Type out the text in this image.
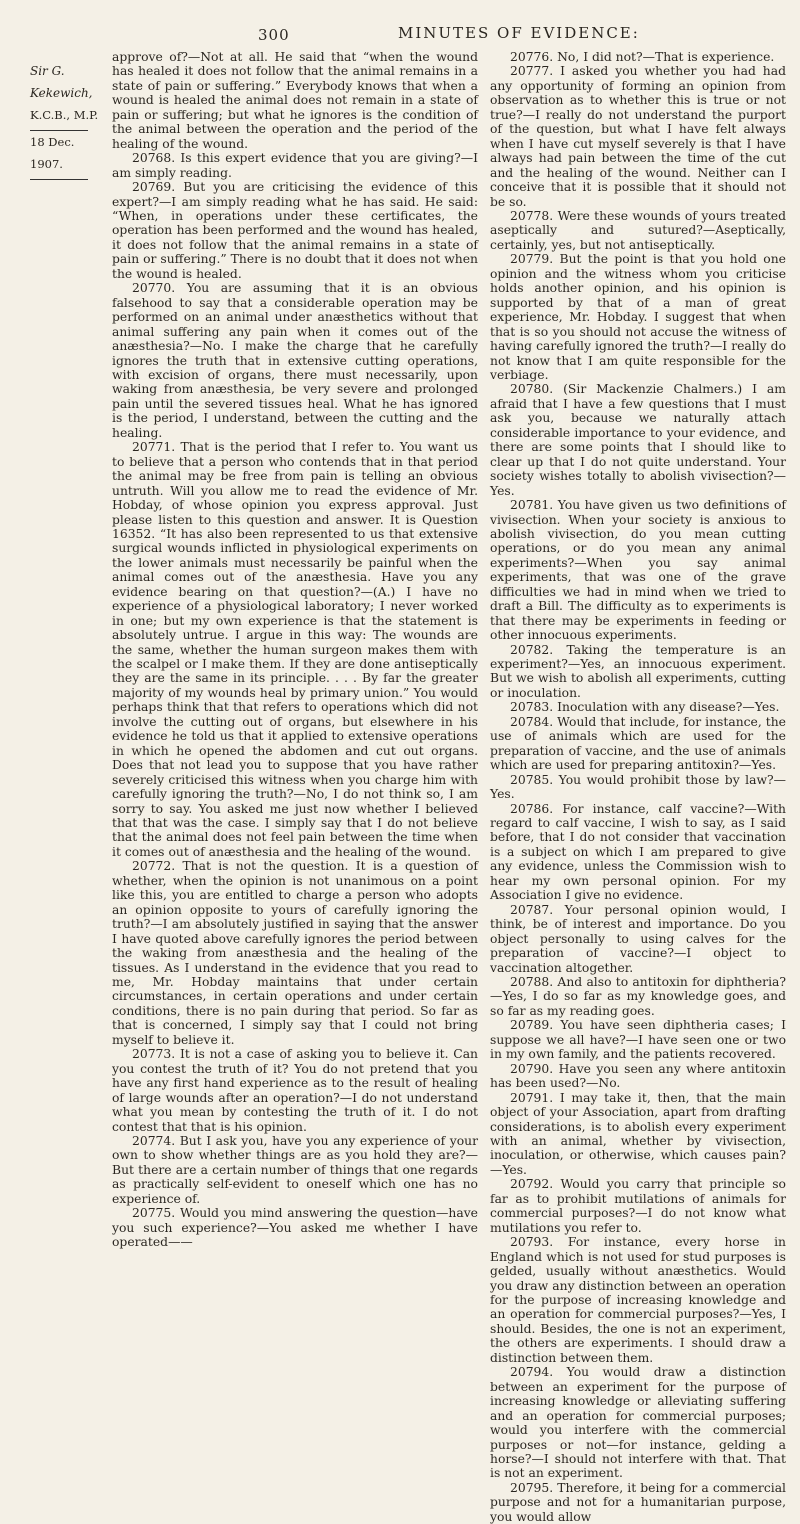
300	MINUTES OF EVIDENCE:
Sir G.
Kekewich,
K.C.B., M.P.
18 Dec. 1907.

approve of?—Not at all. He said that “when the wound has healed it does not follow that the animal remains in a state of pain or suffering.” Everybody knows that when a wound is healed the animal does not remain in a state of pain or suffering; but what he ignores is the condition of the animal between the operation and the period of the healing of the wound.

20768. Is this expert evidence that you are giving?—I am simply reading.

20769. But you are criticising the evidence of this expert?—I am simply reading what he has said. He said: “When, in operations under these certificates, the operation has been performed and the wound has healed, it does not follow that the animal remains in a state of pain or suffering.” There is no doubt that it does not when the wound is healed.

20770. You are assuming that it is an obvious falsehood to say that a considerable operation may be performed on an animal under anæsthetics without that animal suffering any pain when it comes out of the anæsthesia?—No. I make the charge that he carefully ignores the truth that in extensive cutting operations, with excision of organs, there must necessarily, upon waking from anæsthesia, be very severe and prolonged pain until the severed tissues heal. What he has ignored is the period, I understand, between the cutting and the healing.

20771. That is the period that I refer to. You want us to believe that a person who contends that in that period the animal may be free from pain is telling an obvious untruth. Will you allow me to read the evidence of Mr. Hobday, of whose opinion you express approval. Just please listen to this question and answer. It is Question 16352. “It has also been represented to us that extensive surgical wounds inflicted in physiological experiments on the lower animals must necessarily be painful when the animal comes out of the anæsthesia. Have you any evidence bearing on that question?—(A.) I have no experience of a physiological laboratory; I never worked in one; but my own experience is that the statement is absolutely untrue. I argue in this way: The wounds are the same, whether the human surgeon makes them with the scalpel or I make them. If they are done antiseptically they are the same in its principle. . . . By far the greater majority of my wounds heal by primary union.” You would perhaps think that that refers to operations which did not involve the cutting out of organs, but elsewhere in his evidence he told us that it applied to extensive operations in which he opened the abdomen and cut out organs. Does that not lead you to suppose that you have rather severely criticised this witness when you charge him with carefully ignoring the truth?—No, I do not think so, I am sorry to say. You asked me just now whether I believed that that was the case. I simply say that I do not believe that the animal does not feel pain between the time when it comes out of anæsthesia and the healing of the wound.

20772. That is not the question. It is a question of whether, when the opinion is not unanimous on a point like this, you are entitled to charge a person who adopts an opinion opposite to yours of carefully ignoring the truth?—I am absolutely justified in saying that the answer I have quoted above carefully ignores the period between the waking from anæsthesia and the healing of the tissues. As I understand in the evidence that you read to me, Mr. Hobday maintains that under certain circumstances, in certain operations and under certain conditions, there is no pain during that period. So far as that is concerned, I simply say that I could not bring myself to believe it.

20773. It is not a case of asking you to believe it. Can you contest the truth of it? You do not pretend that you have any first hand experience as to the result of healing of large wounds after an operation?—I do not understand what you mean by contesting the truth of it. I do not contest that that is his opinion.

20774. But I ask you, have you any experience of your own to show whether things are as you hold they are?—But there are a certain number of things that one regards as practically self-evident to oneself which one has no experience of.

20775. Would you mind answering the question—have you such experience?—You asked me whether I have operated——

20776. No, I did not?—That is experience.

20777. I asked you whether you had had any opportunity of forming an opinion from observation as to whether this is true or not true?—I really do not understand the purport of the question, but what I have felt always when I have cut myself severely is that I have always had pain between the time of the cut and the healing of the wound. Neither can I conceive that it is possible that it should not be so.

20778. Were these wounds of yours treated aseptically and sutured?—Aseptically, certainly, yes, but not antiseptically.

20779. But the point is that you hold one opinion and the witness whom you criticise holds another opinion, and his opinion is supported by that of a man of great experience, Mr. Hobday. I suggest that when that is so you should not accuse the witness of having carefully ignored the truth?—I really do not know that I am quite responsible for the verbiage.

20780. (Sir Mackenzie Chalmers.) I am afraid that I have a few questions that I must ask you, because we naturally attach considerable importance to your evidence, and there are some points that I should like to clear up that I do not quite understand. Your society wishes totally to abolish vivisection?—Yes.

20781. You have given us two definitions of vivisection. When your society is anxious to abolish vivisection, do you mean cutting operations, or do you mean any animal experiments?—When you say animal experiments, that was one of the grave difficulties we had in mind when we tried to draft a Bill. The difficulty as to experiments is that there may be experiments in feeding or other innocuous experiments.

20782. Taking the temperature is an experiment?—Yes, an innocuous experiment. But we wish to abolish all experiments, cutting or inoculation.

20783. Inoculation with any disease?—Yes.

20784. Would that include, for instance, the use of animals which are used for the preparation of vaccine, and the use of animals which are used for preparing antitoxin?—Yes.

20785. You would prohibit those by law?—Yes.

20786. For instance, calf vaccine?—With regard to calf vaccine, I wish to say, as I said before, that I do not consider that vaccination is a subject on which I am prepared to give any evidence, unless the Commission wish to hear my own personal opinion. For my Association I give no evidence.

20787. Your personal opinion would, I think, be of interest and importance. Do you object personally to using calves for the preparation of vaccine?—I object to vaccination altogether.

20788. And also to antitoxin for diphtheria?—Yes, I do so far as my knowledge goes, and so far as my reading goes.

20789. You have seen diphtheria cases; I suppose we all have?—I have seen one or two in my own family, and the patients recovered.

20790. Have you seen any where antitoxin has been used?—No.

20791. I may take it, then, that the main object of your Association, apart from drafting considerations, is to abolish every experiment with an animal, whether by vivisection, inoculation, or otherwise, which causes pain?—Yes.

20792. Would you carry that principle so far as to prohibit mutilations of animals for commercial purposes?—I do not know what mutilations you refer to.

20793. For instance, every horse in England which is not used for stud purposes is gelded, usually without anæsthetics. Would you draw any distinction between an operation for the purpose of increasing knowledge and an operation for commercial purposes?—Yes, I should. Besides, the one is not an experiment, the others are experiments. I should draw a distinction between them.

20794. You would draw a distinction between an experiment for the purpose of increasing knowledge or alleviating suffering and an operation for commercial purposes; would you interfere with the commercial purposes or not—for instance, gelding a horse?—I should not interfere with that. That is not an experiment.

20795. Therefore, it being for a commercial purpose and not for a humanitarian purpose, you would allow
